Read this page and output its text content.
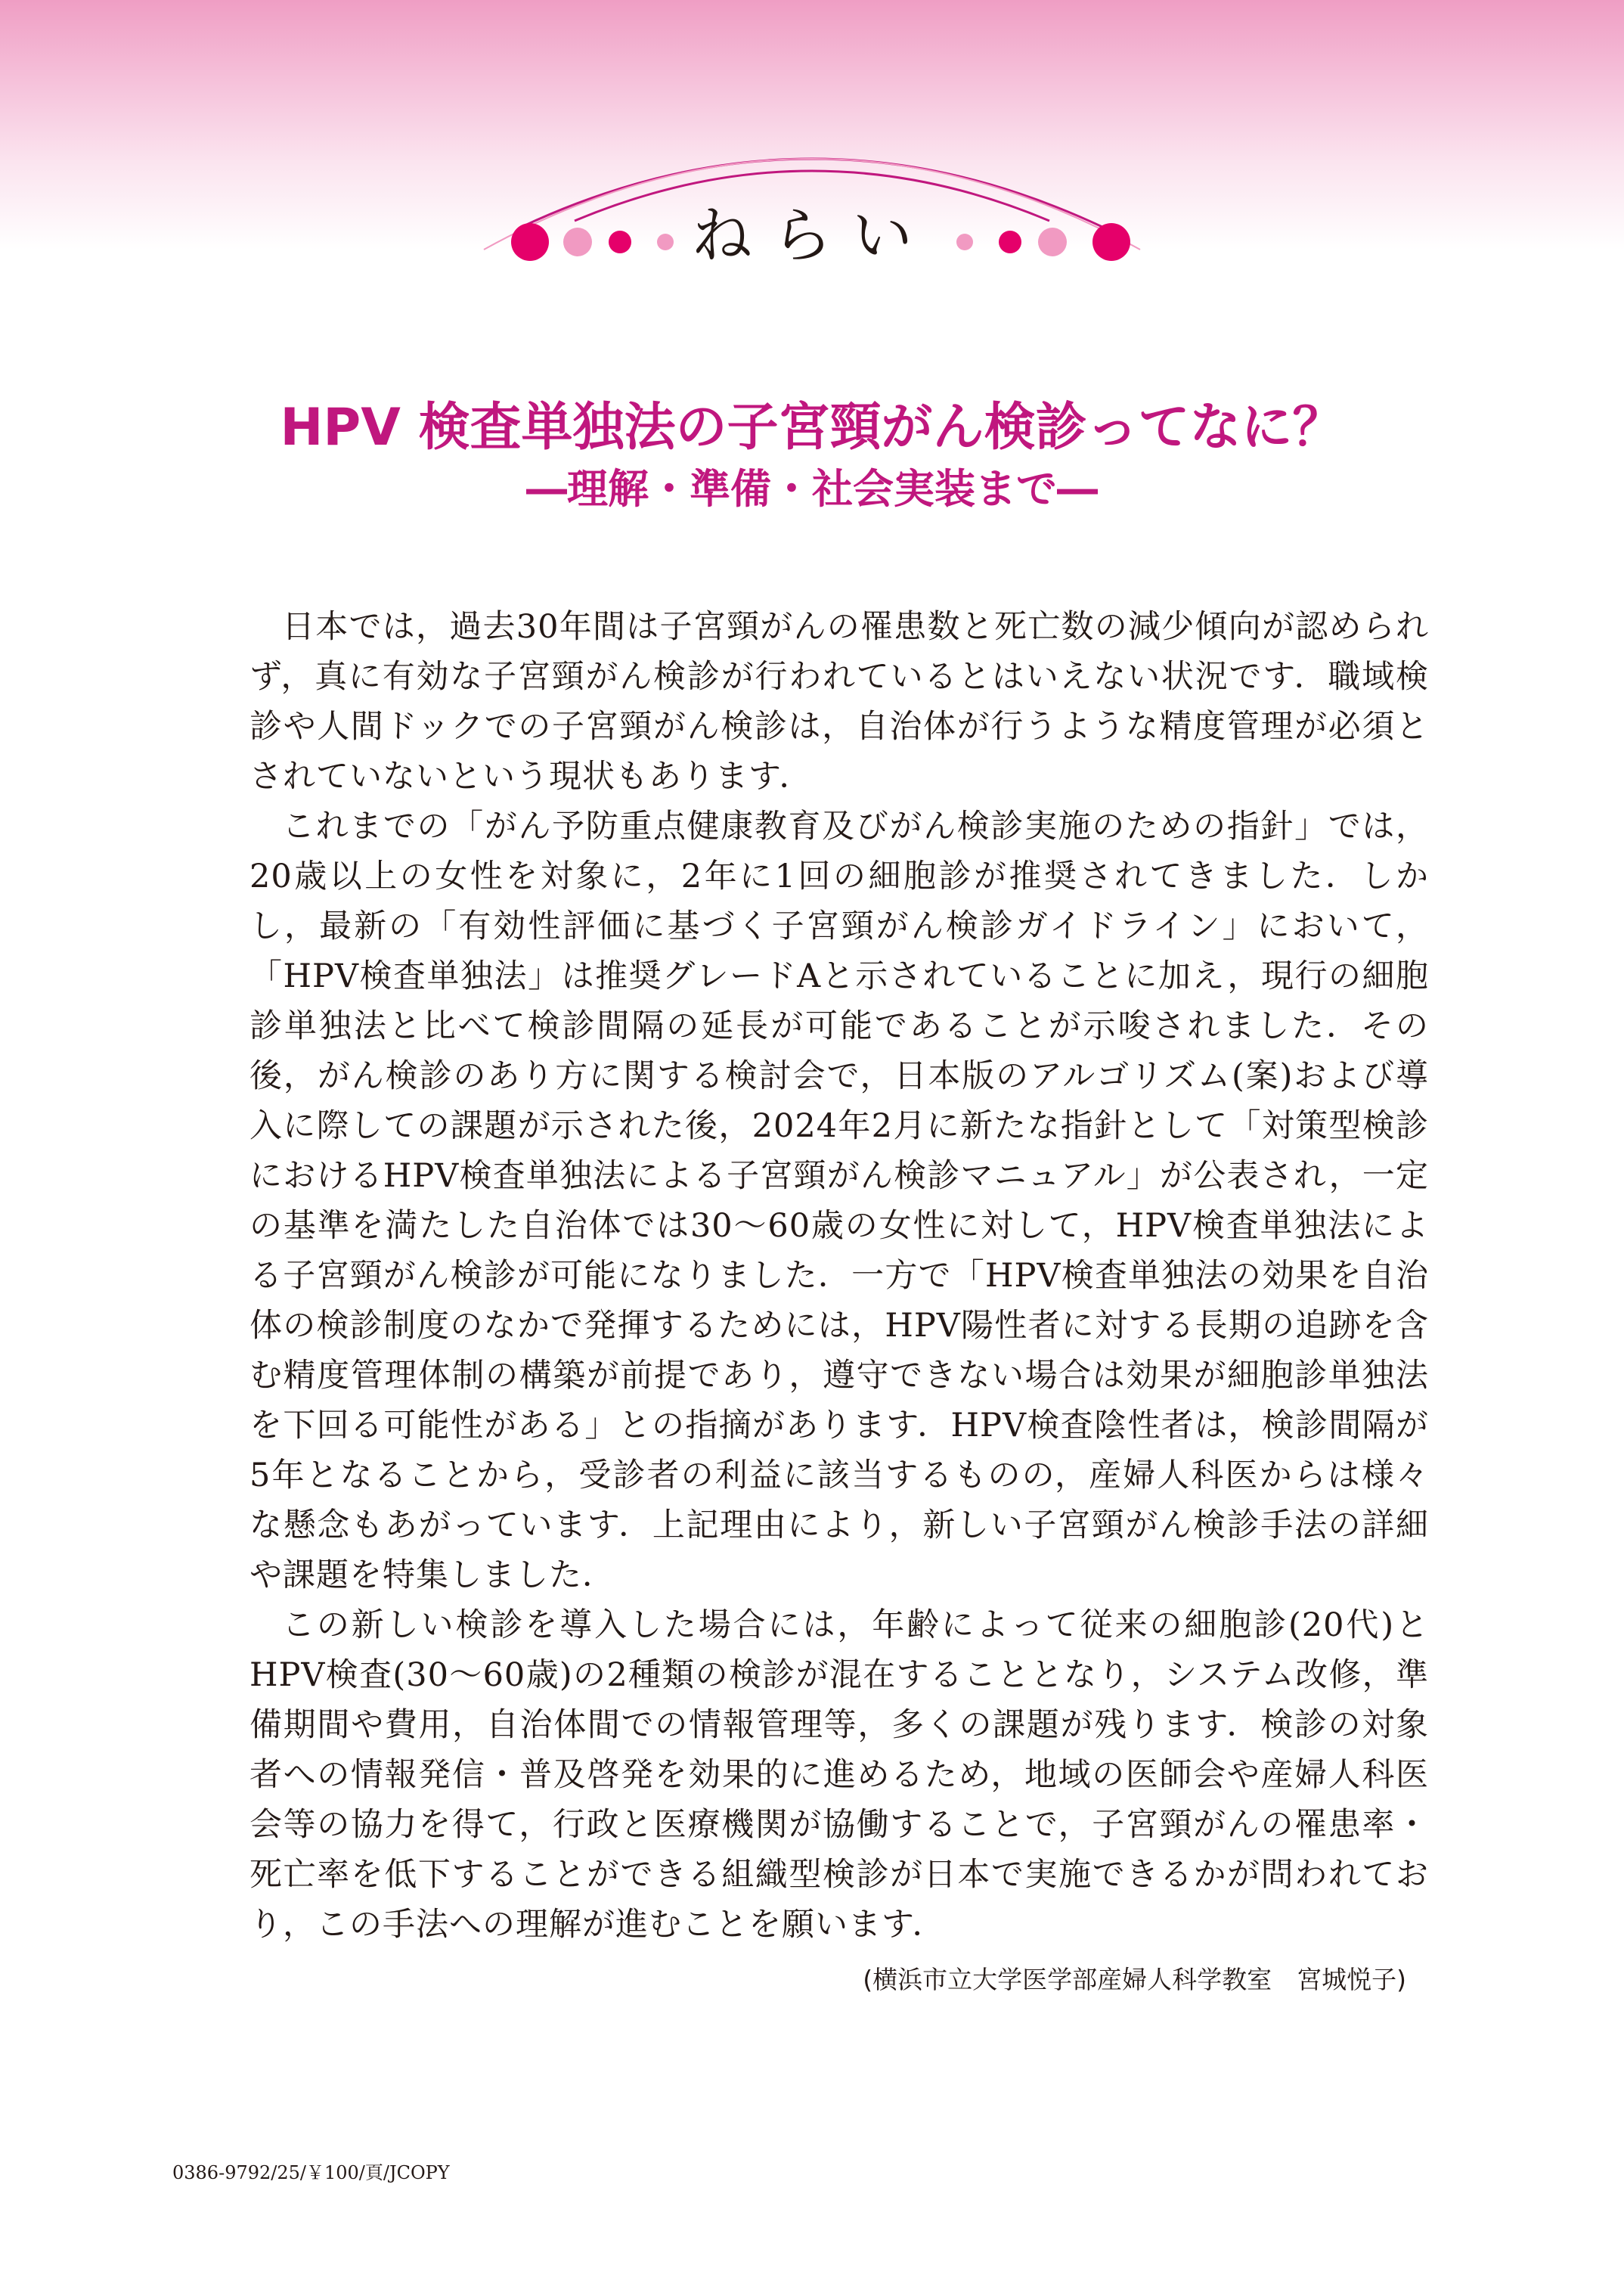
ねらい
HPV 検査単独法の子宮頸がん検診ってなに？
―理解・準備・社会実装まで―

日本では，過去30年間は子宮頸がんの罹患数と死亡数の減少傾向が認められず，真に有効な子宮頸がん検診が行われているとはいえない状況です．職域検診や人間ドックでの子宮頸がん検診は，自治体が行うような精度管理が必須とされていないという現状もあります．

これまでの「がん予防重点健康教育及びがん検診実施のための指針」では，20歳以上の女性を対象に，2年に1回の細胞診が推奨されてきました．しかし，最新の「有効性評価に基づく子宮頸がん検診ガイドライン」において，「HPV検査単独法」は推奨グレードAと示されていることに加え，現行の細胞診単独法と比べて検診間隔の延長が可能であることが示唆されました．その後，がん検診のあり方に関する検討会で，日本版のアルゴリズム(案)および導入に際しての課題が示された後，2024年2月に新たな指針として「対策型検診におけるHPV検査単独法による子宮頸がん検診マニュアル」が公表され，一定の基準を満たした自治体では30〜60歳の女性に対して，HPV検査単独法による子宮頸がん検診が可能になりました．一方で「HPV検査単独法の効果を自治体の検診制度のなかで発揮するためには，HPV陽性者に対する長期の追跡を含む精度管理体制の構築が前提であり，遵守できない場合は効果が細胞診単独法を下回る可能性がある」との指摘があります．HPV検査陰性者は，検診間隔が5年となることから，受診者の利益に該当するものの，産婦人科医からは様々な懸念もあがっています．上記理由により，新しい子宮頸がん検診手法の詳細や課題を特集しました．

この新しい検診を導入した場合には，年齢によって従来の細胞診(20代)とHPV検査(30〜60歳)の2種類の検診が混在することとなり，システム改修，準備期間や費用，自治体間での情報管理等，多くの課題が残ります．検診の対象者への情報発信・普及啓発を効果的に進めるため，地域の医師会や産婦人科医会等の協力を得て，行政と医療機関が協働することで，子宮頸がんの罹患率・死亡率を低下することができる組織型検診が日本で実施できるかが問われており，この手法への理解が進むことを願います．

(横浜市立大学医学部産婦人科学教室　宮城悦子)
0386-9792/25/￥100/頁/JCOPY
